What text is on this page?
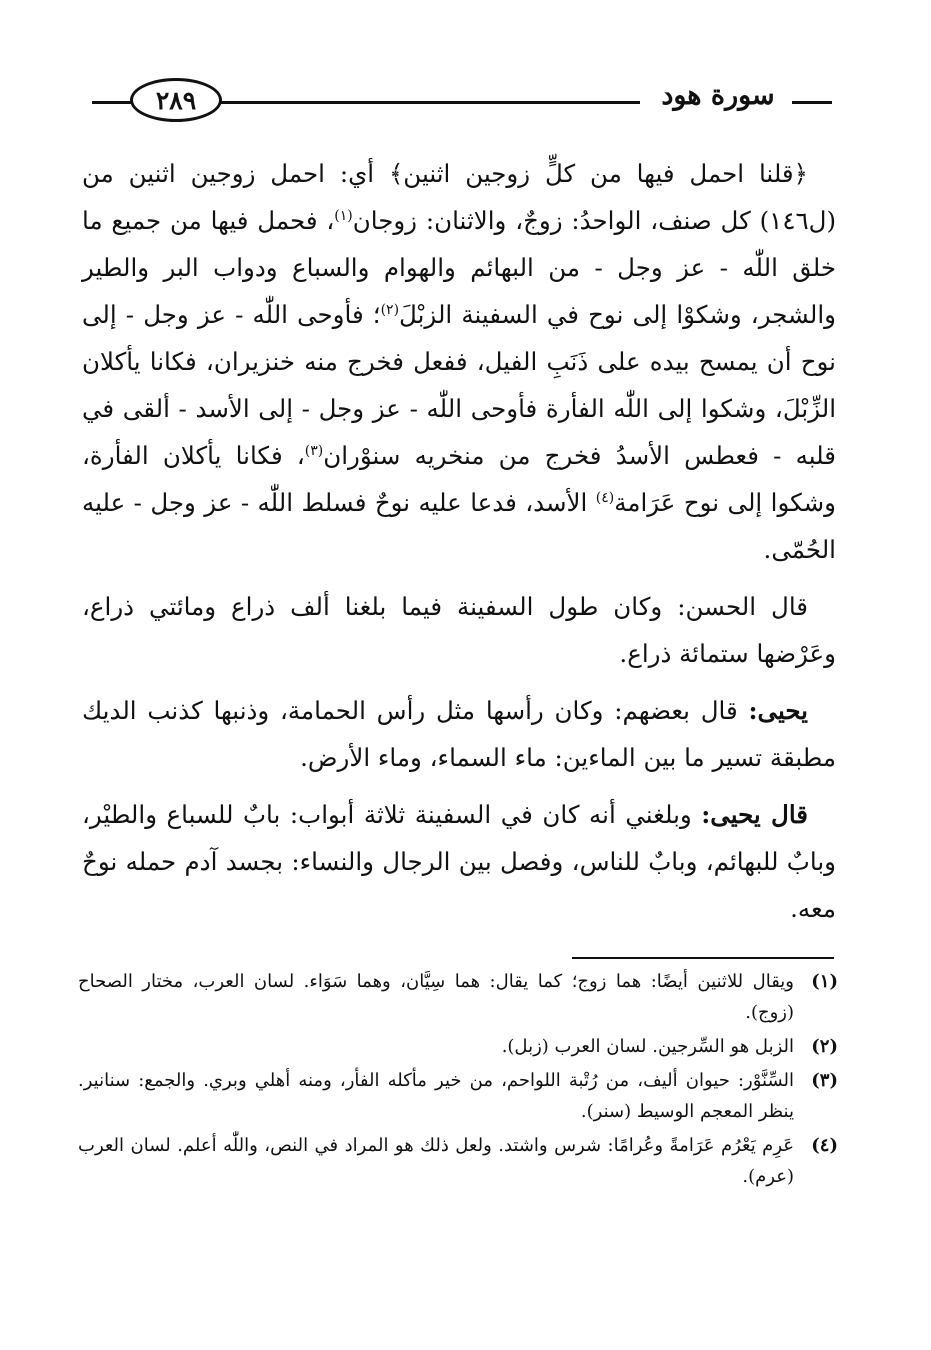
٢٨٩	سورة هود

﴿قلنا احمل فيها من كلٍّ زوجين اثنين﴾ أي: احمل زوجين اثنين من (ل١٤٦) كل صنف، الواحدُ: زوجٌ، والاثنان: زوجان$^{(١)}$، فحمل فيها من جميع ما خلق اللّٰه - عز وجل - من البهائم والهوام والسباع ودواب البر والطير والشجر، وشكوْا إلى نوح في السفينة الزبْلَ$^{(٢)}$؛ فأوحى اللّٰه - عز وجل - إلى نوح أن يمسح بيده على ذَنَبِ الفيل، ففعل فخرج منه خنزيران، فكانا يأكلان الزِّبْلَ، وشكوا إلى اللّٰه الفأرة فأوحى اللّٰه - عز وجل - إلى الأسد - ألقى في قلبه - فعطس الأسدُ فخرج من منخريه سنوْران$^{(٣)}$، فكانا يأكلان الفأرة، وشكوا إلى نوح عَرَامة$^{(٤)}$ الأسد، فدعا عليه نوحٌ فسلط اللّٰه - عز وجل - عليه الحُمّى.

قال الحسن: وكان طول السفينة فيما بلغنا ألف ذراع ومائتي ذراع، وعَرْضها ستمائة ذراع.

يحيى: قال بعضهم: وكان رأسها مثل رأس الحمامة، وذنبها كذنب الديك مطبقة تسير ما بين الماءين: ماء السماء، وماء الأرض.

قال يحيى: وبلغني أنه كان في السفينة ثلاثة أبواب: بابٌ للسباع والطيْر، وبابٌ للبهائم، وبابٌ للناس، وفصل بين الرجال والنساء: بجسد آدم حمله نوحٌ معه.

(١)
ويقال للاثنين أيضًا: هما زوج؛ كما يقال: هما سِيَّان، وهما سَوَاء. لسان العرب، مختار الصحاح (زوج).
(٢)
الزبل هو السِّرجين. لسان العرب (زبل).
(٣)
السِّنَّوْر: حيوان أليف، من رُتْبة اللواحم، من خير مأكله الفأر، ومنه أهلي وبري. والجمع: سنانير. ينظر المعجم الوسيط (سنر).
(٤)
عَرِم يَعْرُم عَرَامةً وعُرامًا: شرس واشتد. ولعل ذلك هو المراد في النص، واللّٰه أعلم. لسان العرب (عرم).
